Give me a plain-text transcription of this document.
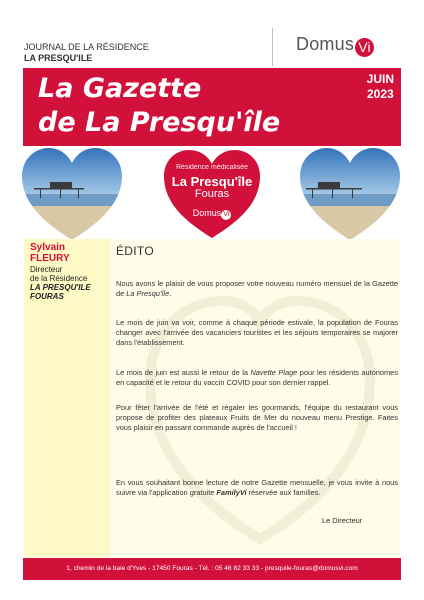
JOURNAL DE LA RÉSIDENCE
LA PRESQU'ILE
Domus Vi
La Gazette
de La Presqu'île
JUIN
2023
Résidence médicalisée
La Presqu'île
Fouras
Domus Vi
Sylvain
FLEURY
Directeur
de la Résidence
LA PRESQU'ILE
FOURAS
ÉDITO
Nous avons le plaisir de vous proposer votre nouveau numéro mensuel de la Gazette de La Presqu'île.
Le mois de juin va voir, comme à chaque période estivale, la population de Fouras changer avec l'arrivée des vacanciers touristes et les séjours temporaires se majorer dans l'établissement.
Le mois de juin est aussi le retour de la Navette Plage pour les résidents autonomes en capacité et le retour du vaccin COVID pour son dernier rappel.
Pour fêter l'arrivée de l'été et régaler les gourmands, l'équipe du restaurant vous propose de profiter des plateaux Fruits de Mer du nouveau menu Prestige. Faites vous plaisir en passant commande auprès de l'accueil !
En vous souhaitant bonne lecture de notre Gazette mensuelle, je vous invite à nous suivre via l'application gratuite FamilyVi réservée aux familles.
Le Directeur
1, chemin de la baie d'Yves - 17450 Fouras - Tél. : 05 46 82 33 33 - presquile-fouras@domusvi.com
